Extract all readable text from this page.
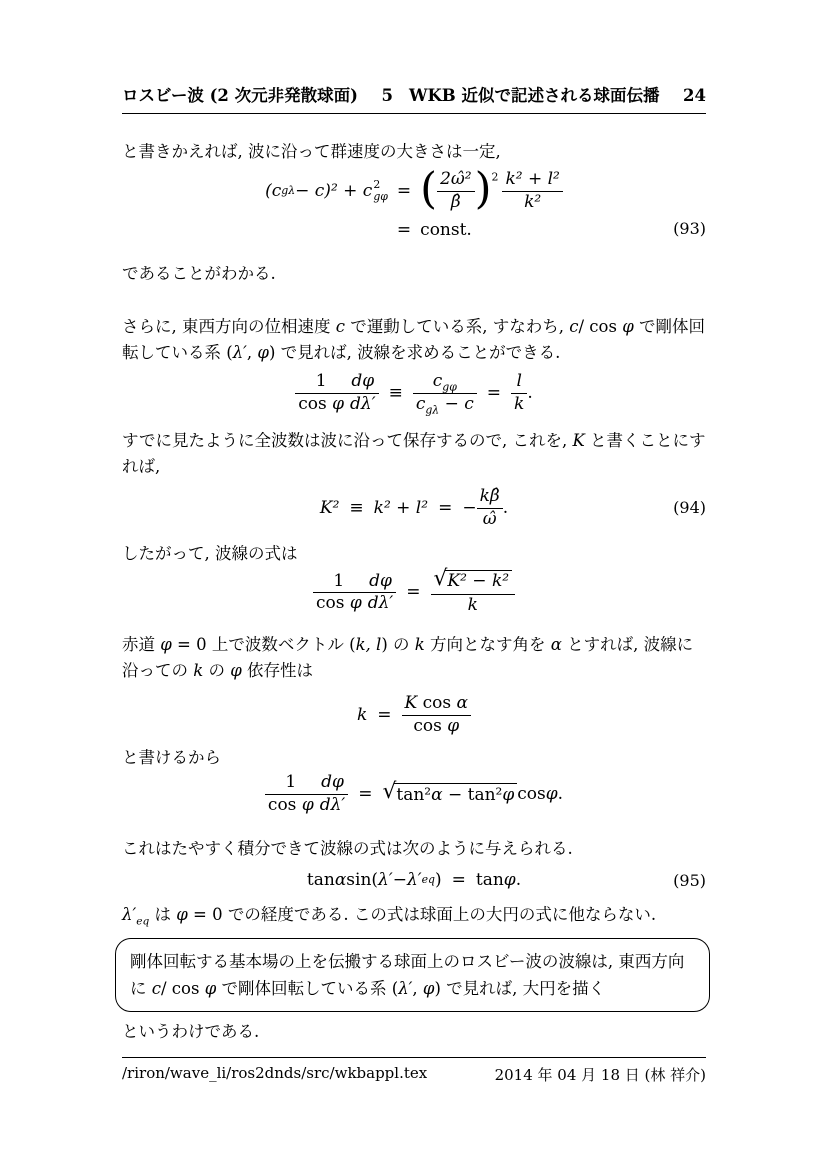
ロスビー波 (2 次元非発散球面) 5 WKB 近似で記述される球面伝播 24

と書きかえれば, 波に沿って群速度の大きさは一定,

(c gλ − c)² + c 2
gφ = ( $\frac{\text{2ω̂²}}{\betâ}$ ) $2 \frac{\text{k² + l²}}{\text{k²}}$
= const.	(93)

であることがわかる.

さらに, 東西方向の位相速度 c で運動している系, すなわち, c/ cos φ で剛体回転している系 (λ′, φ) で見れば, 波線を求めることができる.

$\frac{1}{\text{cos φ}} \frac{d\varphi}{d\lambda'}$ ≡
$c_{g\varphi}$
$c_{g\lambda} - c$
= $\frac{l}{k}$ .

すでに見たように全波数は波に沿って保存するので, これを, K と書くことにすれば,

K² ≡ k² + l² = − $\frac{k\betâ}{\omegâ}$ .	(94)

したがって, 波線の式は

$\frac{1}{\text{cos φ}} \frac{d\varphi}{d\lambda'} = \frac{\text{√ K² − k²}}{k}$

赤道 φ = 0 上で波数ベクトル (k, l) の k 方向となす角を α とすれば, 波線に沿っての k の φ 依存性は

$k = \frac{\text{K cos α}}{\text{cos φ}}$

と書けるから

$\frac{1}{\text{cos φ}} \frac{d\varphi}{d\lambda'}$ = √ tan²α − tan²φ cos φ .

これはたやすく積分できて波線の式は次のように与えられる.

tan α sin( λ′ − λ′ eq ) = tan φ .	(95)

$\lambda'_{eq}$ は φ = 0 での経度である. この式は球面上の大円の式に他ならない.

剛体回転する基本場の上を伝搬する球面上のロスビー波の波線は, 東西方向に c/ cos φ で剛体回転している系 (λ′, φ) で見れば, 大円を描く

というわけである.

/riron/wave_li/ros2dnds/src/wkbappl.tex	2014 年 04 月 18 日 (林 祥介)
